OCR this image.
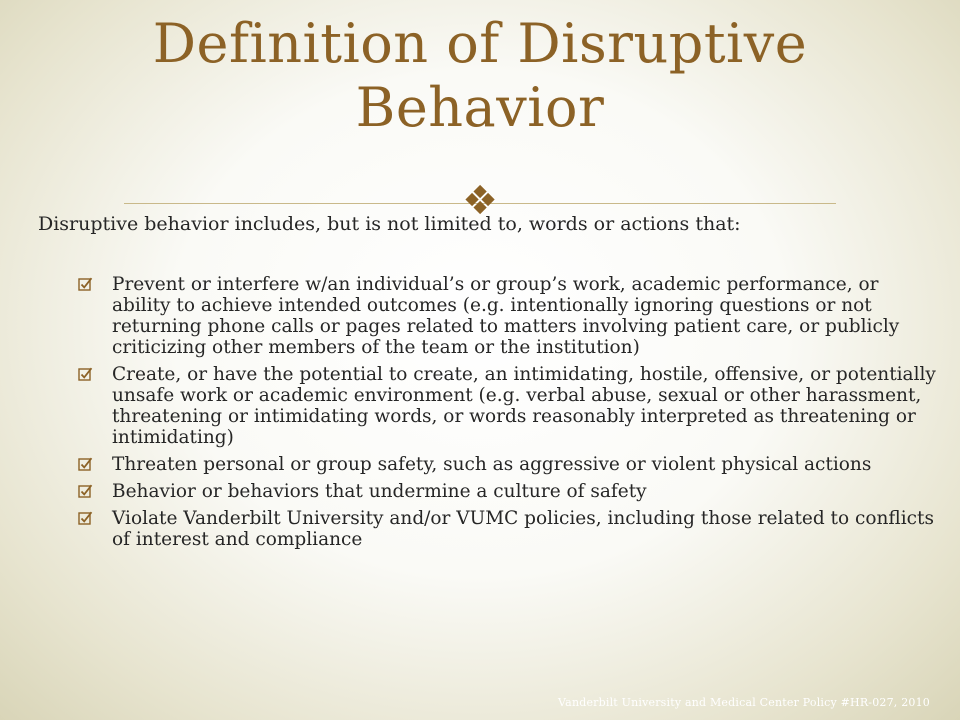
Definition of Disruptive Behavior
❖

Disruptive behavior includes, but is not limited to, words or actions that:

Prevent or interfere w/an individual’s or group’s work, academic performance, or ability to achieve intended outcomes (e.g. intentionally ignoring questions or not returning phone calls or pages related to matters involving patient care, or publicly criticizing other members of the team or the institution)
Create, or have the potential to create, an intimidating, hostile, offensive, or potentially unsafe work or academic environment (e.g. verbal abuse, sexual or other harassment, threatening or intimidating words, or words reasonably interpreted as threatening or intimidating)
Threaten personal or group safety, such as aggressive or violent physical actions
Behavior or behaviors that undermine a culture of safety
Violate Vanderbilt University and/or VUMC policies, including those related to conflicts of interest and compliance
Vanderbilt University and Medical Center Policy #HR-027, 2010
